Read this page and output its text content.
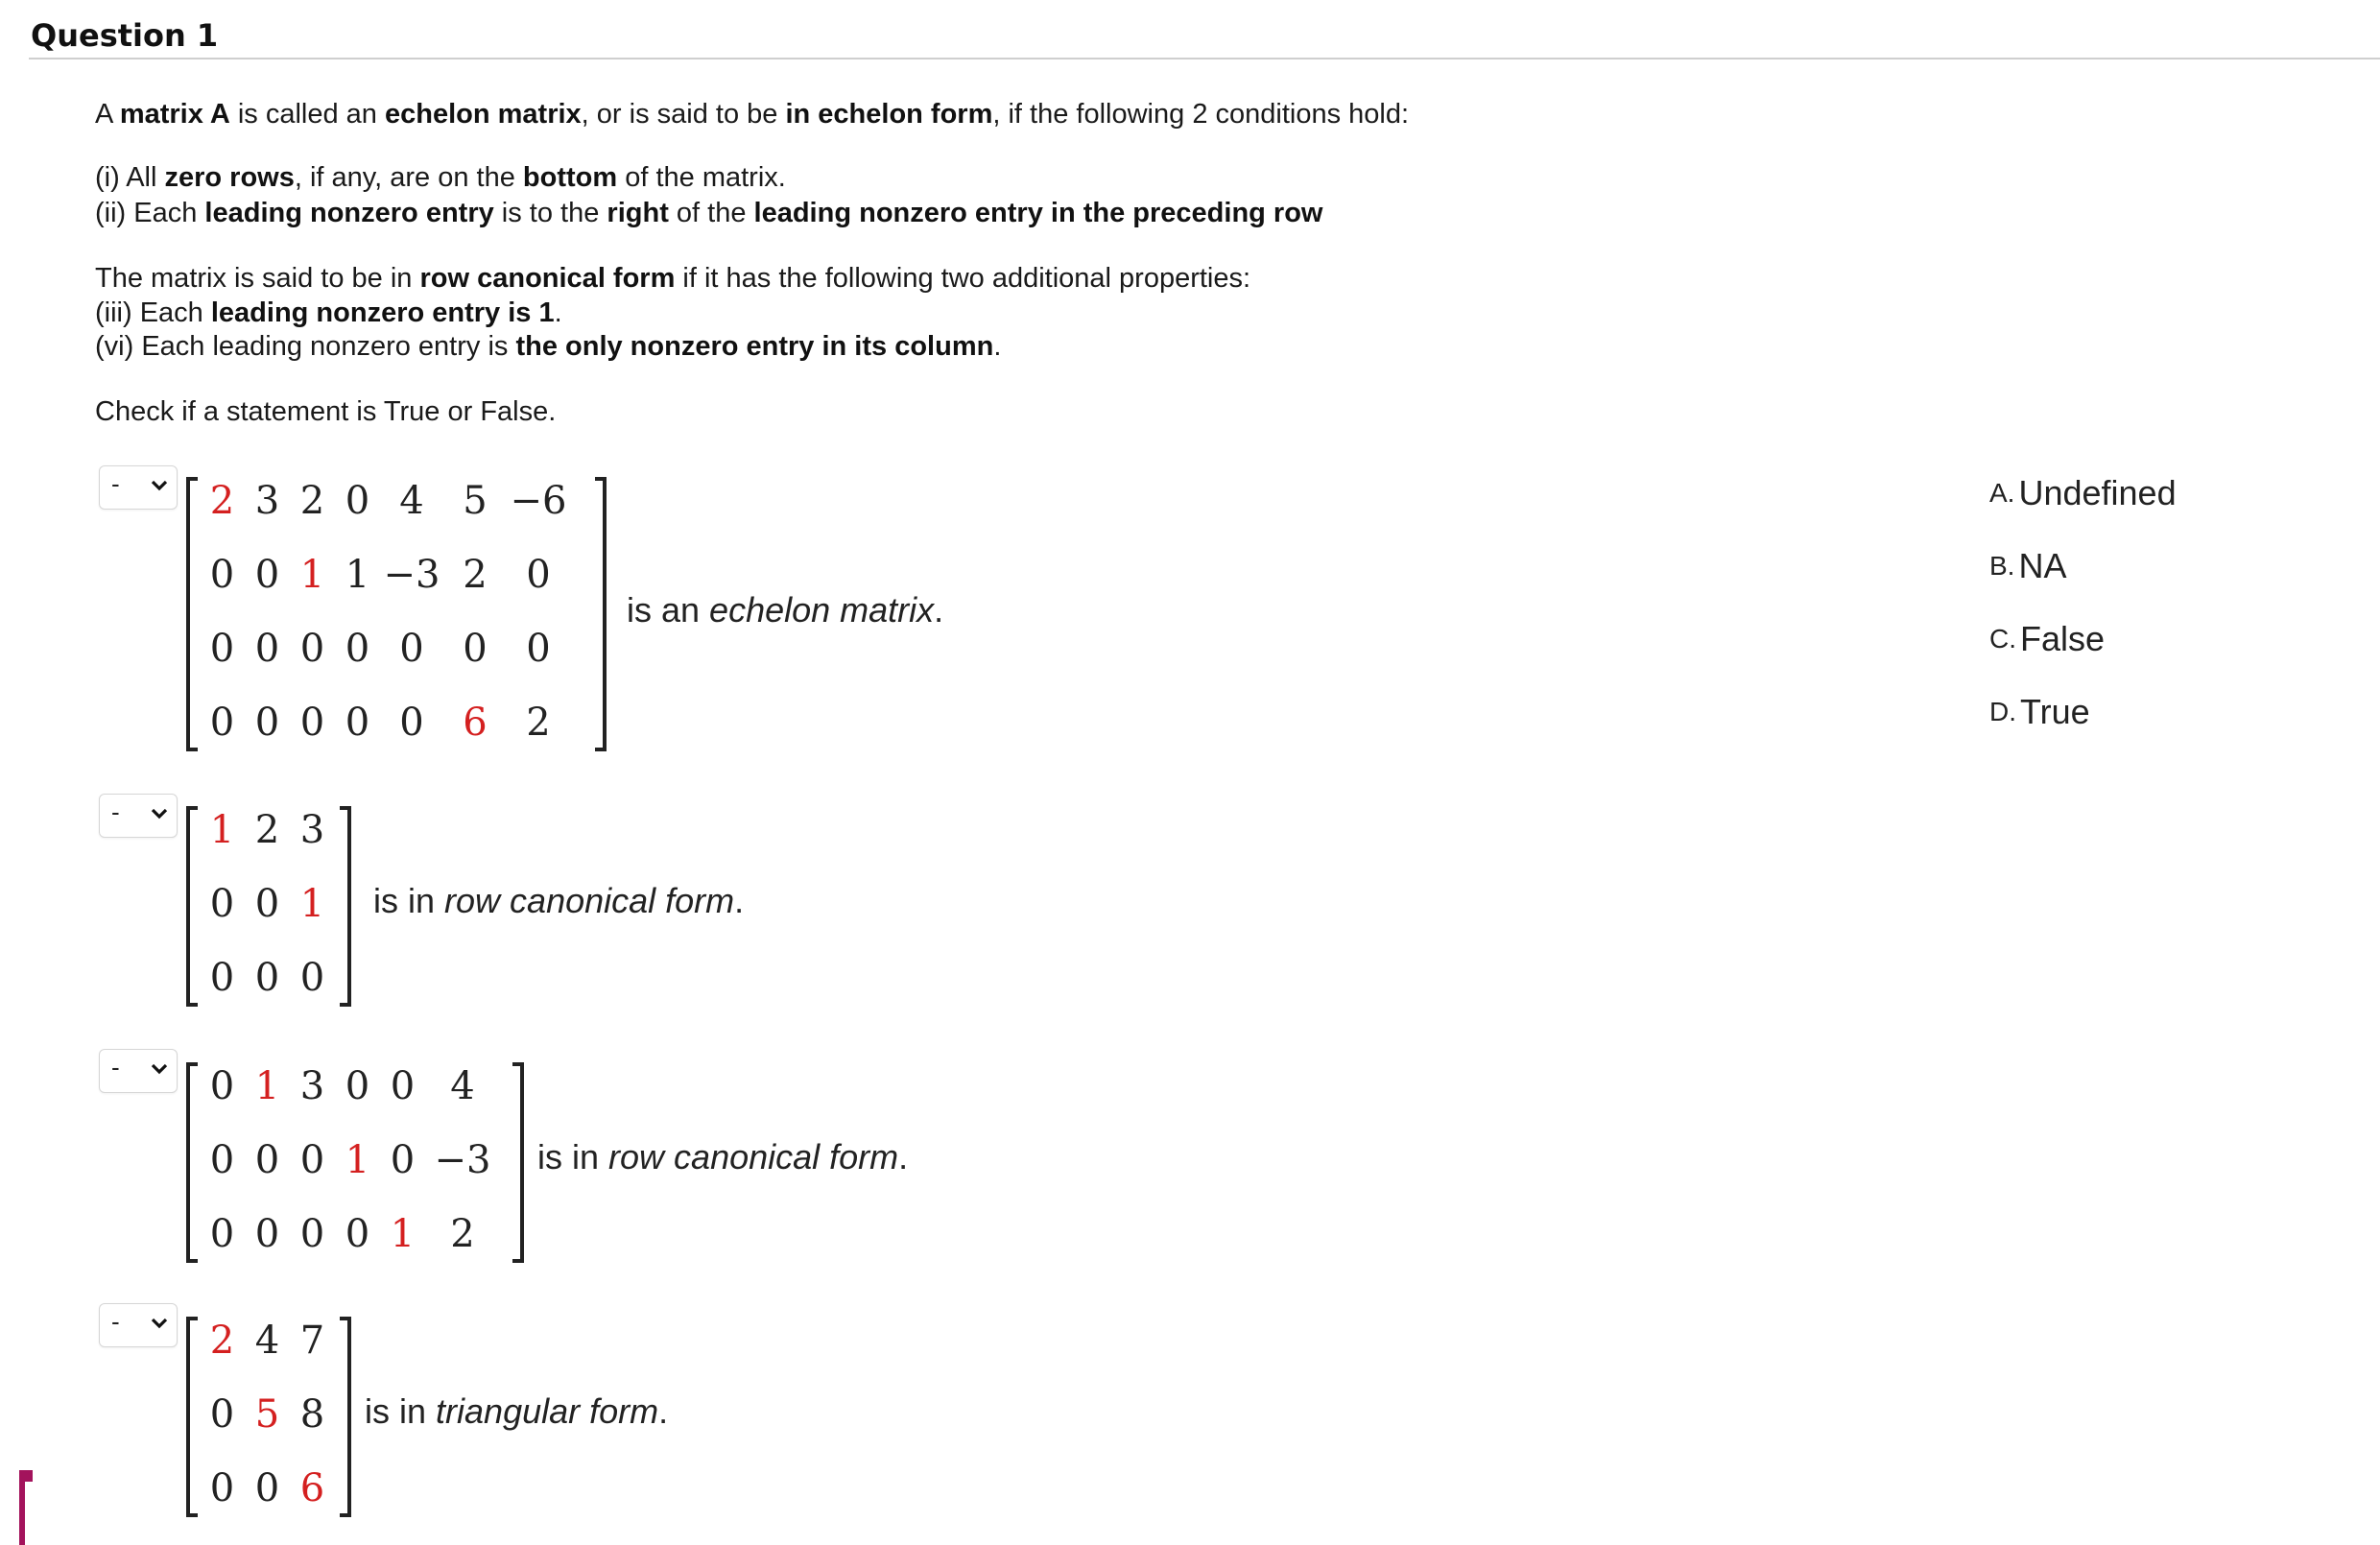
Question 1
A matrix A is called an echelon matrix, or is said to be in echelon form, if the following 2 conditions hold:
(i) All zero rows, if any, are on the bottom of the matrix.
(ii) Each leading nonzero entry is to the right of the leading nonzero entry in the preceding row
The matrix is said to be in row canonical form if it has the following two additional properties:
(iii) Each leading nonzero entry is 1.
(vi) Each leading nonzero entry is the only nonzero entry in its column.
Check if a statement is True or False.
- 2 3 2 0 4	5 −6
0 0 1 1 −3 2	0
0 0 0 0 0	0	0
0 0 0 0 0	6	2
is an echelon matrix.
- 1 2 3
0 0 1
0 0 0
is in row canonical form.
- 0 1 3 0 0 4
0 0 0 1 0 −3
0 0 0 0 1 2
is in row canonical form.
- 2 4 7
0 5 8
0 0 6
is in triangular form.
A. Undefined
B. NA
C. False
D. True
